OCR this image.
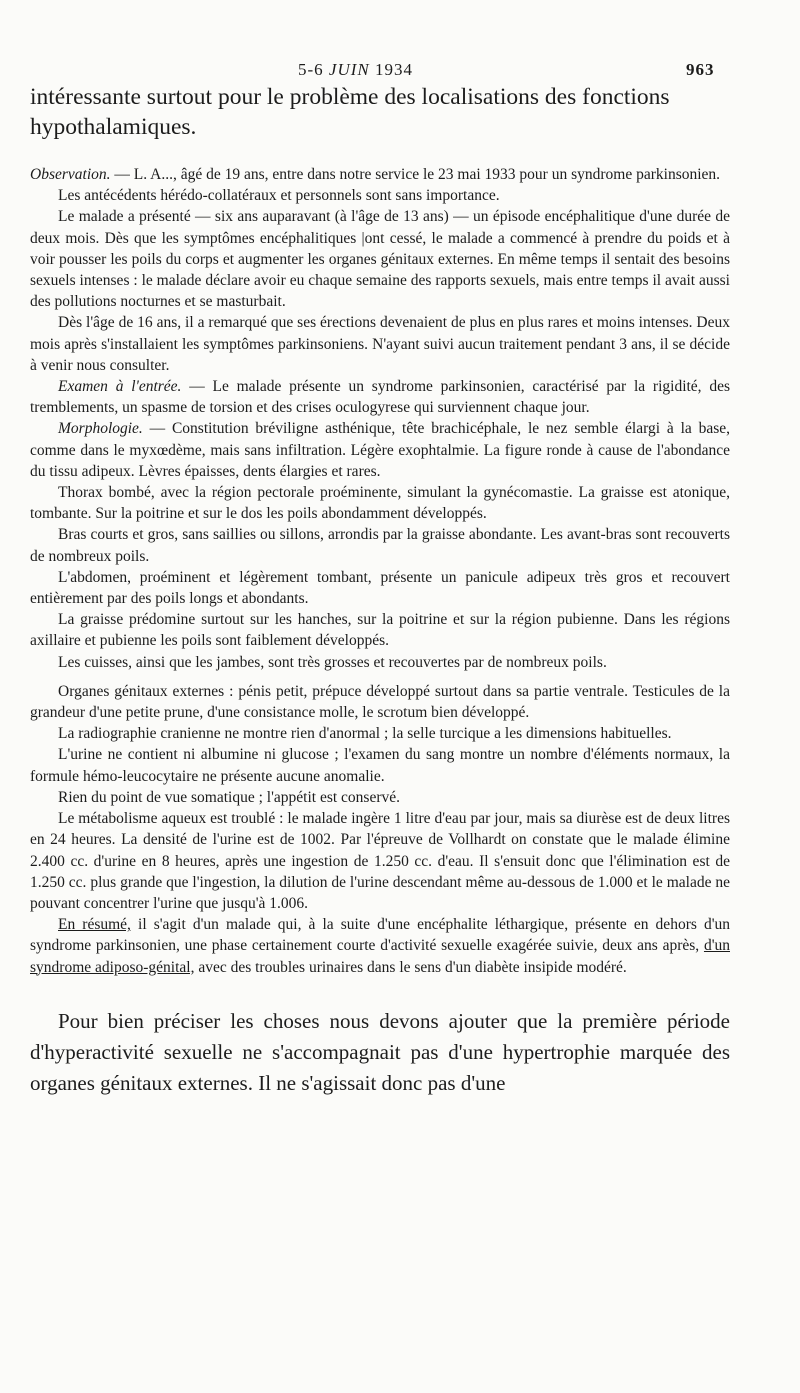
5-6 JUIN 1934	963

intéressante surtout pour le problème des localisations des fonctions hypothalamiques.

Observation. — L. A..., âgé de 19 ans, entre dans notre service le 23 mai 1933 pour un syndrome parkinsonien.

Les antécédents hérédo-collatéraux et personnels sont sans importance.

Le malade a présenté — six ans auparavant (à l'âge de 13 ans) — un épisode encéphalitique d'une durée de deux mois. Dès que les symptômes encéphalitiques |ont cessé, le malade a commencé à prendre du poids et à voir pousser les poils du corps et augmenter les organes génitaux externes. En même temps il sentait des besoins sexuels intenses : le malade déclare avoir eu chaque semaine des rapports sexuels, mais entre temps il avait aussi des pollutions nocturnes et se masturbait.

Dès l'âge de 16 ans, il a remarqué que ses érections devenaient de plus en plus rares et moins intenses. Deux mois après s'installaient les symptômes parkinsoniens. N'ayant suivi aucun traitement pendant 3 ans, il se décide à venir nous consulter.

Examen à l'entrée. — Le malade présente un syndrome parkinsonien, caractérisé par la rigidité, des tremblements, un spasme de torsion et des crises oculogyrese qui surviennent chaque jour.

Morphologie. — Constitution bréviligne asthénique, tête brachicéphale, le nez semble élargi à la base, comme dans le myxœdème, mais sans infiltration. Légère exophtalmie. La figure ronde à cause de l'abondance du tissu adipeux. Lèvres épaisses, dents élargies et rares.

Thorax bombé, avec la région pectorale proéminente, simulant la gynécomastie. La graisse est atonique, tombante. Sur la poitrine et sur le dos les poils abondamment développés.

Bras courts et gros, sans saillies ou sillons, arrondis par la graisse abondante. Les avant-bras sont recouverts de nombreux poils.

L'abdomen, proéminent et légèrement tombant, présente un panicule adipeux très gros et recouvert entièrement par des poils longs et abondants.

La graisse prédomine surtout sur les hanches, sur la poitrine et sur la région pubienne. Dans les régions axillaire et pubienne les poils sont faiblement développés.

Les cuisses, ainsi que les jambes, sont très grosses et recouvertes par de nombreux poils.

Organes génitaux externes : pénis petit, prépuce développé surtout dans sa partie ventrale. Testicules de la grandeur d'une petite prune, d'une consistance molle, le scrotum bien développé.

La radiographie cranienne ne montre rien d'anormal ; la selle turcique a les dimensions habituelles.

L'urine ne contient ni albumine ni glucose ; l'examen du sang montre un nombre d'éléments normaux, la formule hémo-leucocytaire ne présente aucune anomalie.

Rien du point de vue somatique ; l'appétit est conservé.

Le métabolisme aqueux est troublé : le malade ingère 1 litre d'eau par jour, mais sa diurèse est de deux litres en 24 heures. La densité de l'urine est de 1002. Par l'épreuve de Vollhardt on constate que le malade élimine 2.400 cc. d'urine en 8 heures, après une ingestion de 1.250 cc. d'eau. Il s'ensuit donc que l'élimination est de 1.250 cc. plus grande que l'ingestion, la dilution de l'urine descendant même au-dessous de 1.000 et le malade ne pouvant concentrer l'urine que jusqu'à 1.006.

En résumé, il s'agit d'un malade qui, à la suite d'une encéphalite léthargique, présente en dehors d'un syndrome parkinsonien, une phase certainement courte d'activité sexuelle exagérée suivie, deux ans après, d'un syndrome adiposo-génital, avec des troubles urinaires dans le sens d'un diabète insipide modéré.

Pour bien préciser les choses nous devons ajouter que la première période d'hyperactivité sexuelle ne s'accompagnait pas d'une hypertrophie marquée des organes génitaux externes. Il ne s'agissait donc pas d'une
